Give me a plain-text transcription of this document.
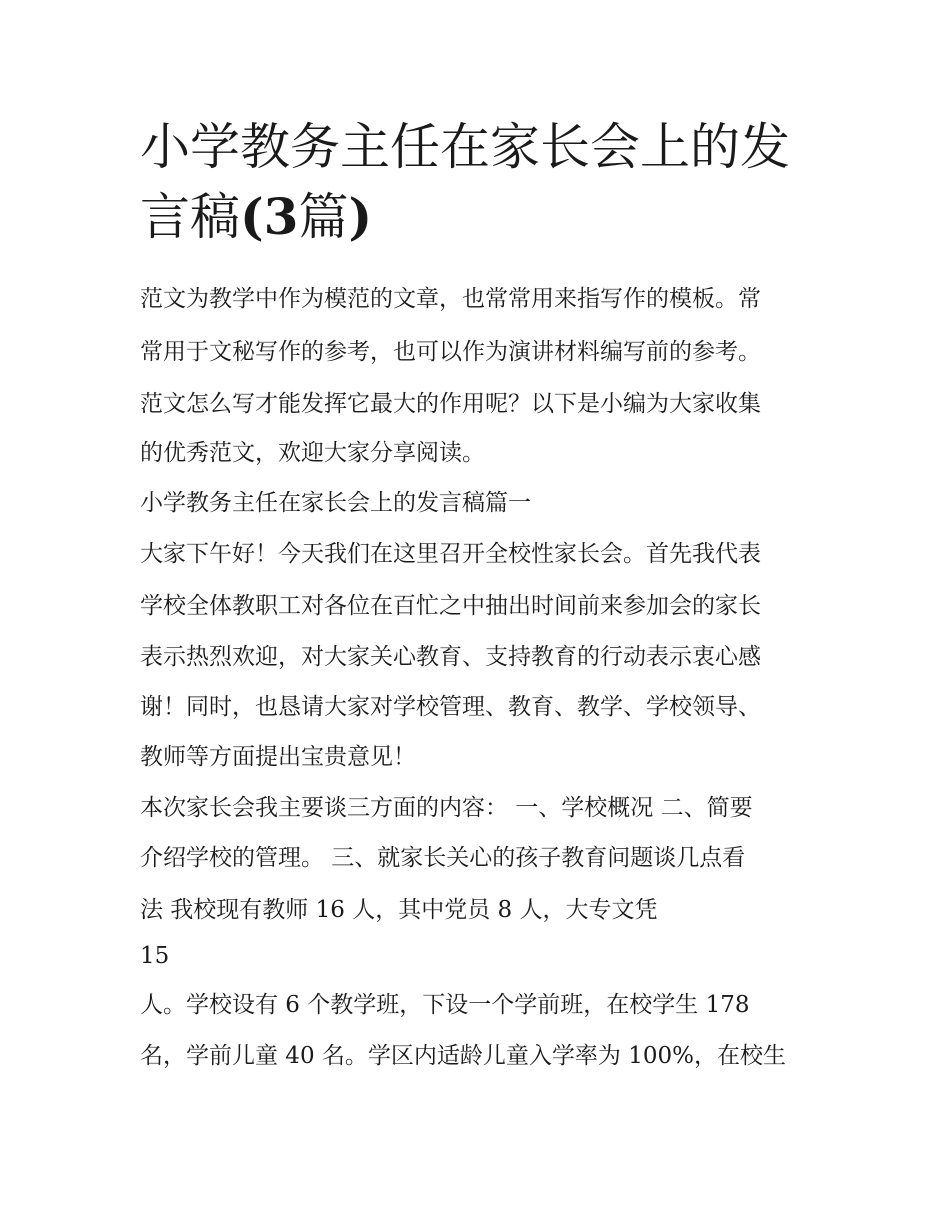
小学教务主任在家长会上的发
言稿(3篇)

范文为教学中作为模范的文章，也常常用来指写作的模板。常

常用于文秘写作的参考，也可以作为演讲材料编写前的参考。

范文怎么写才能发挥它最大的作用呢？以下是小编为大家收集

的优秀范文，欢迎大家分享阅读。

小学教务主任在家长会上的发言稿篇一

大家下午好！今天我们在这里召开全校性家长会。首先我代表

学校全体教职工对各位在百忙之中抽出时间前来参加会的家长

表示热烈欢迎，对大家关心教育、支持教育的行动表示衷心感

谢！同时，也恳请大家对学校管理、教育、教学、学校领导、

教师等方面提出宝贵意见！

本次家长会我主要谈三方面的内容： 一、学校概况 二、简要

介绍学校的管理。 三、就家长关心的孩子教育问题谈几点看

法 我校现有教师 16 人，其中党员 8 人，大专文凭

15

人。学校设有 6 个教学班，下设一个学前班，在校学生 178

名，学前儿童 40 名。学区内适龄儿童入学率为 100%，在校生
